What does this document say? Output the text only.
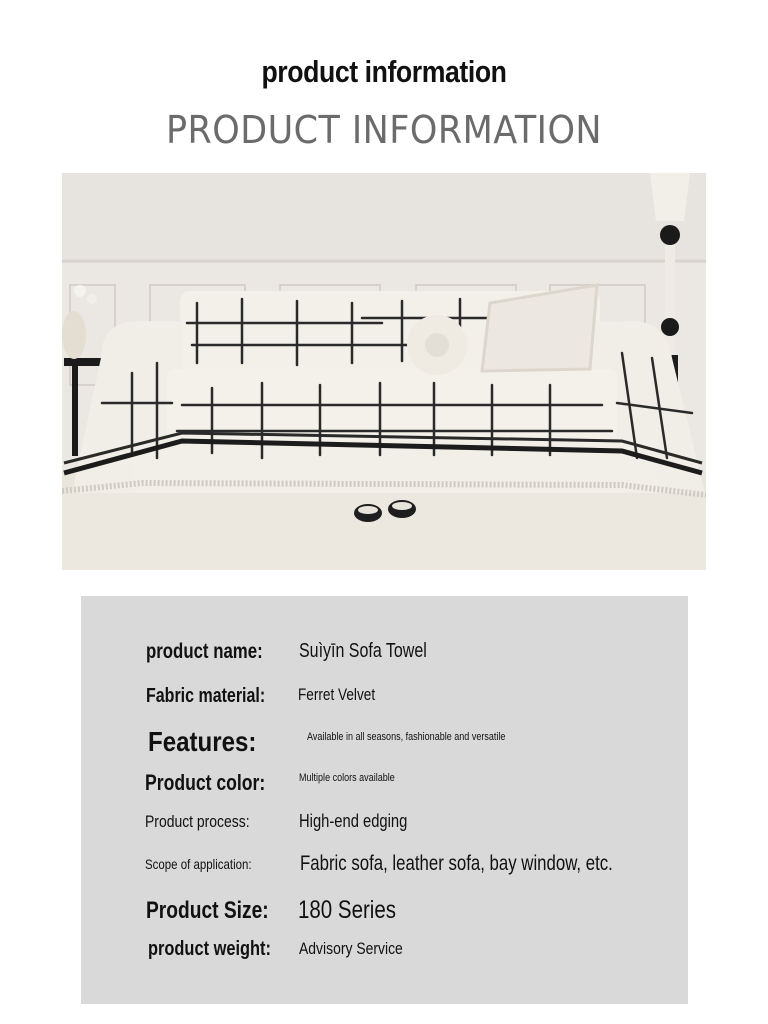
product information
PRODUCT INFORMATION
product name: Suìyīn Sofa Towel
Fabric material: Ferret Velvet
Features:	Available in all seasons, fashionable and versatile
Product color:	Multiple colors available
Product process:	High-end edging
Scope of application: Fabric sofa, leather sofa, bay window, etc.
Product Size: 180 Series
product weight: Advisory Service
